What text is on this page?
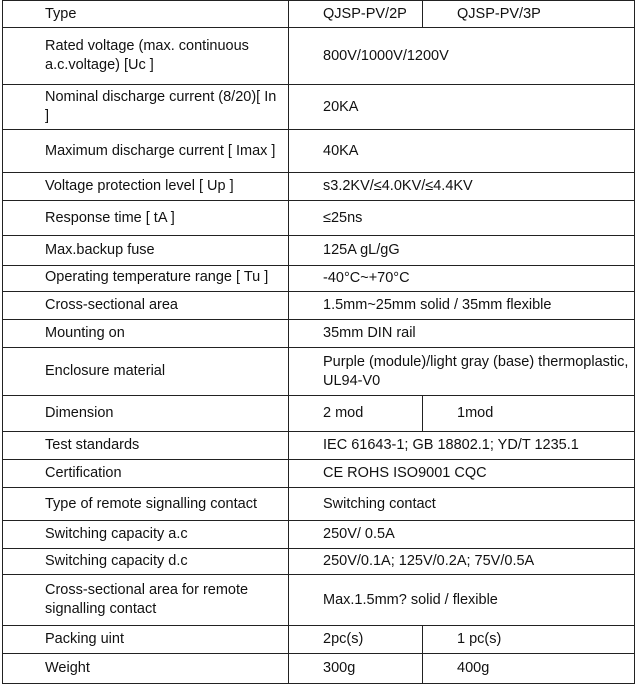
Type	QJSP-PV/2P	QJSP-PV/3P
Rated voltage (max. continuous a.c.voltage) [Uc ]	800V/1000V/1200V	
Nominal discharge current (8/20)[ In ]	20KA	
Maximum discharge current [ Imax ]	40KA	
Voltage protection level [ Up ]	s3.2KV/≤4.0KV/≤4.4KV	
Response time [ tA ]	≤25ns	
Max.backup fuse	125A gL/gG	

Operating temperature range [ Tu ]	-40°C~+70°C	
Cross-sectional area	1.5mm~25mm solid / 35mm flexible	
Mounting on	35mm DIN rail	
Enclosure material	Purple (module)/light gray (base) thermoplastic, UL94-V0	
Dimension	2 mod	1mod
Test standards	IEC 61643-1; GB 18802.1; YD/T 1235.1	
Certification	CE ROHS ISO9001 CQC	
Type of remote signalling contact	Switching contact	
Switching capacity a.c	250V/ 0.5A	
Switching capacity d.c	250V/0.1A; 125V/0.2A; 75V/0.5A	
Cross-sectional area for remote signalling contact	Max.1.5mm? solid / flexible	
Packing uint	2pc(s)	1 pc(s)
Weight	300g	400g
